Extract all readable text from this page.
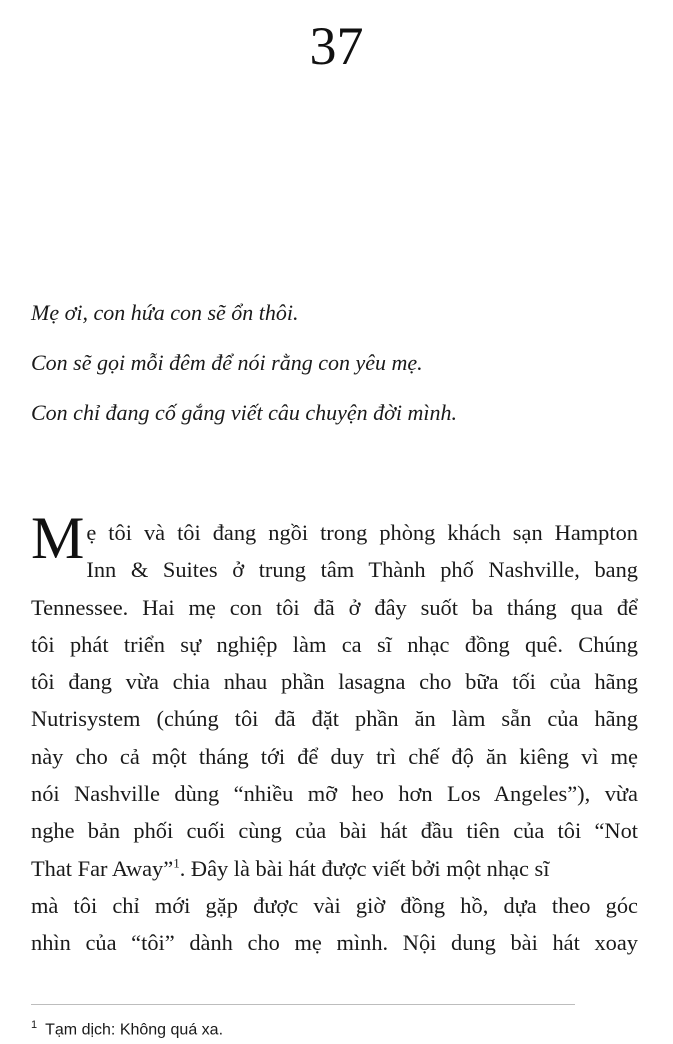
37

Mẹ ơi, con hứa con sẽ ổn thôi.

Con sẽ gọi mỗi đêm để nói rằng con yêu mẹ.

Con chỉ đang cố gắng viết câu chuyện đời mình.

M ẹ tôi và tôi đang ngồi trong phòng khách sạn Hampton
Inn & Suites ở trung tâm Thành phố Nashville, bang
Tennessee. Hai mẹ con tôi đã ở đây suốt ba tháng qua để
tôi phát triển sự nghiệp làm ca sĩ nhạc đồng quê. Chúng
tôi đang vừa chia nhau phần lasagna cho bữa tối của hãng
Nutrisystem (chúng tôi đã đặt phần ăn làm sẵn của hãng
này cho cả một tháng tới để duy trì chế độ ăn kiêng vì mẹ
nói Nashville dùng “nhiều mỡ heo hơn Los Angeles”), vừa
nghe bản phối cuối cùng của bài hát đầu tiên của tôi “Not
That Far Away”$^1$. Đây là bài hát được viết bởi một nhạc sĩ
mà tôi chỉ mới gặp được vài giờ đồng hồ, dựa theo góc
nhìn của “tôi” dành cho mẹ mình. Nội dung bài hát xoay
$^1$ Tạm dịch: Không quá xa.
